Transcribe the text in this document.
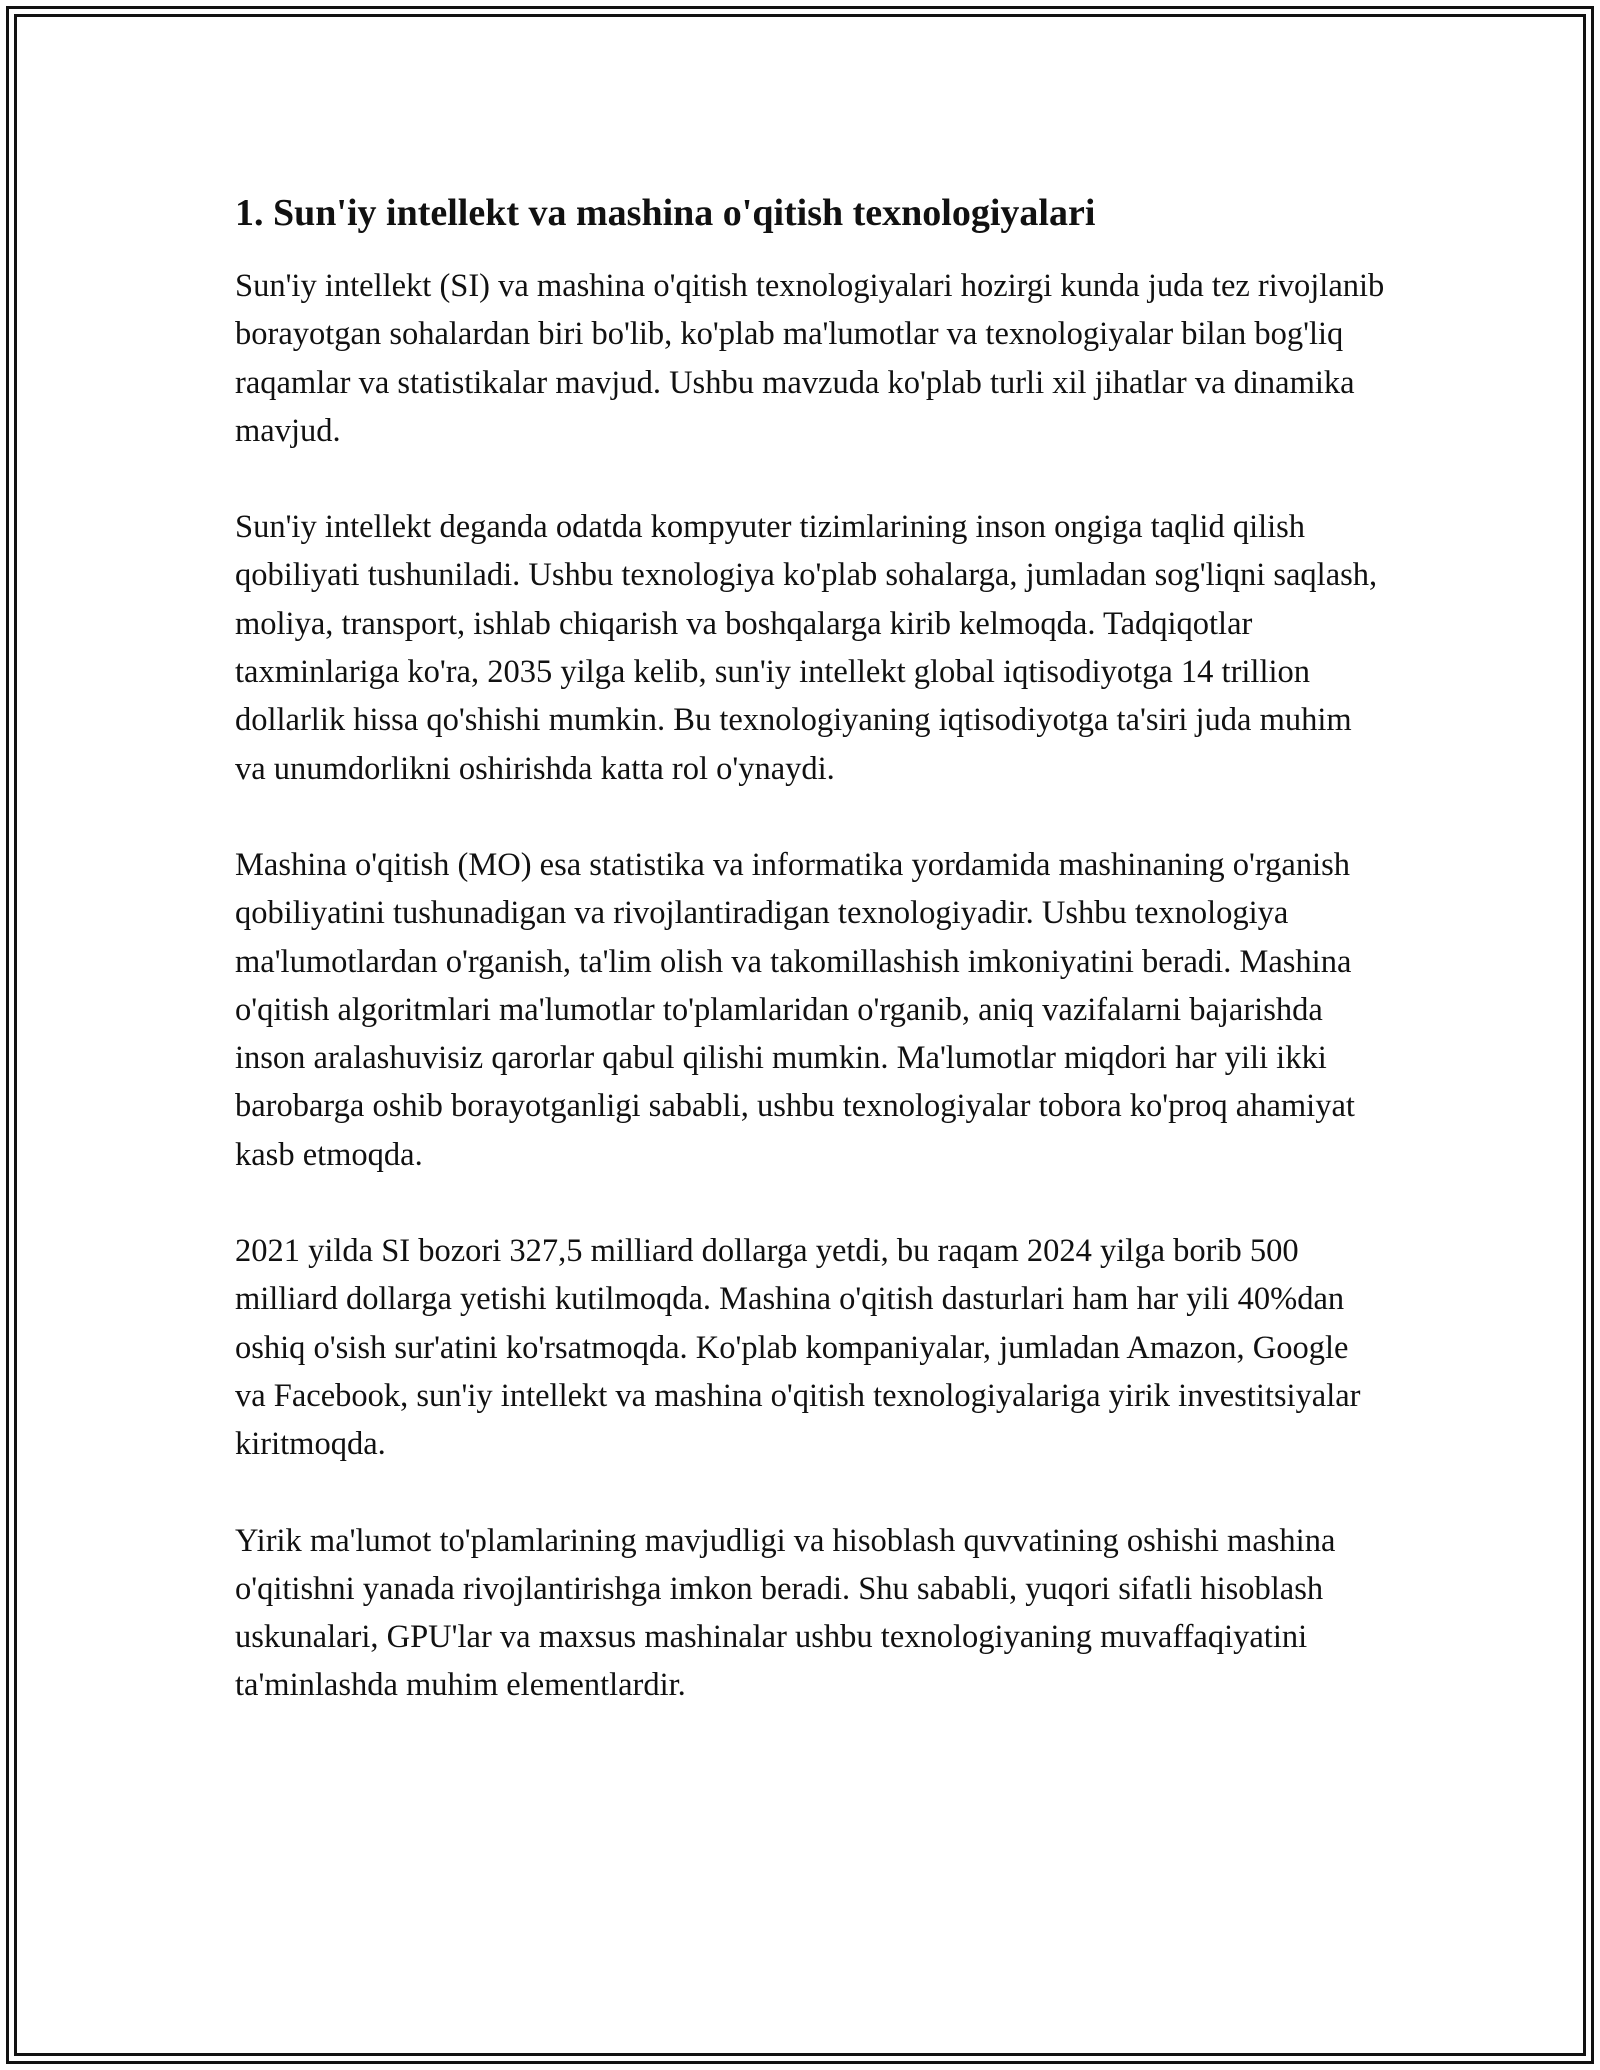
1. Sun'iy intellekt va mashina o'qitish texnologiyalari

Sun'iy intellekt (SI) va mashina o'qitish texnologiyalari hozirgi kunda juda tez rivojlanib borayotgan sohalardan biri bo'lib, ko'plab ma'lumotlar va texnologiyalar bilan bog'liq raqamlar va statistikalar mavjud. Ushbu mavzuda ko'plab turli xil jihatlar va dinamika mavjud.

Sun'iy intellekt deganda odatda kompyuter tizimlarining inson ongiga taqlid qilish qobiliyati tushuniladi. Ushbu texnologiya ko'plab sohalarga, jumladan sog'liqni saqlash, moliya, transport, ishlab chiqarish va boshqalarga kirib kelmoqda. Tadqiqotlar taxminlariga ko'ra, 2035 yilga kelib, sun'iy intellekt global iqtisodiyotga 14 trillion dollarlik hissa qo'shishi mumkin. Bu texnologiyaning iqtisodiyotga ta'siri juda muhim va unumdorlikni oshirishda katta rol o'ynaydi.

Mashina o'qitish (MO) esa statistika va informatika yordamida mashinaning o'rganish qobiliyatini tushunadigan va rivojlantiradigan texnologiyadir. Ushbu texnologiya ma'lumotlardan o'rganish, ta'lim olish va takomillashish imkoniyatini beradi. Mashina o'qitish algoritmlari ma'lumotlar to'plamlaridan o'rganib, aniq vazifalarni bajarishda inson aralashuvisiz qarorlar qabul qilishi mumkin. Ma'lumotlar miqdori har yili ikki barobarga oshib borayotganligi sababli, ushbu texnologiyalar tobora ko'proq ahamiyat kasb etmoqda.

2021 yilda SI bozori 327,5 milliard dollarga yetdi, bu raqam 2024 yilga borib 500 milliard dollarga yetishi kutilmoqda. Mashina o'qitish dasturlari ham har yili 40%dan oshiq o'sish sur'atini ko'rsatmoqda. Ko'plab kompaniyalar, jumladan Amazon, Google va Facebook, sun'iy intellekt va mashina o'qitish texnologiyalariga yirik investitsiyalar kiritmoqda.

Yirik ma'lumot to'plamlarining mavjudligi va hisoblash quvvatining oshishi mashina o'qitishni yanada rivojlantirishga imkon beradi. Shu sababli, yuqori sifatli hisoblash uskunalari, GPU'lar va maxsus mashinalar ushbu texnologiyaning muvaffaqiyatini ta'minlashda muhim elementlardir.
